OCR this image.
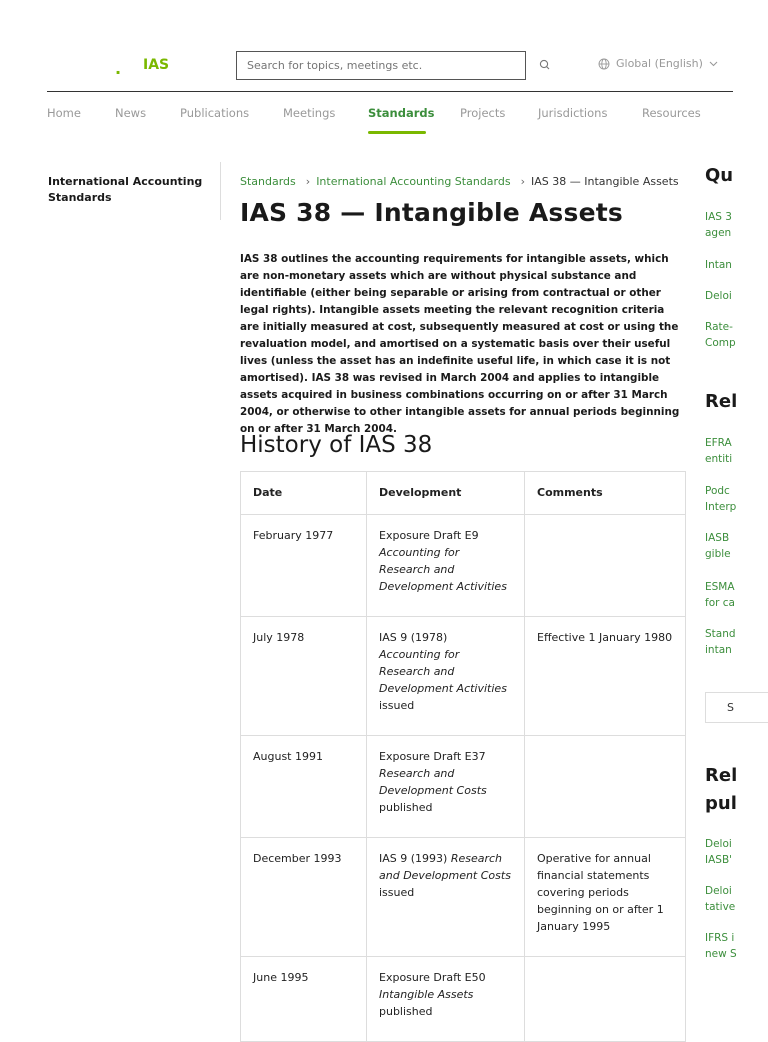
. IAS
Search for topics, meetings etc.	Global (English)
Home	News	Publications	Meetings	Standards Projects	Jurisdictions	Resources
International Accounting Standards
Standards › International Accounting Standards › IAS 38 — Intangible Assets
IAS 38 — Intangible Assets

IAS 38 outlines the accounting requirements for intangible assets, which are non-monetary assets which are without physical substance and identifiable (either being separable or arising from contractual or other legal rights). Intangible assets meeting the relevant recognition criteria are initially measured at cost, subsequently measured at cost or using the revaluation model, and amortised on a systematic basis over their useful lives (unless the asset has an indefinite useful life, in which case it is not amortised). IAS 38 was revised in March 2004 and applies to intangible assets acquired in business combinations occurring on or after 31 March 2004, or otherwise to other intangible assets for annual periods beginning on or after 31 March 2004.

History of IAS 38
Date	Development	Comments
February 1977	Exposure Draft E9 Accounting for Research and Development Activities	
July 1978	IAS 9 (1978) Accounting for Research and Development Activities issued	Effective 1 January 1980
August 1991	Exposure Draft E37 Research and Development Costs published	
December 1993	IAS 9 (1993) Research and Development Costs issued	Operative for annual financial statements covering periods beginning on or after 1 January 1995
June 1995	Exposure Draft E50 Intangible Assets published	
Qu
IAS 3
agen
Intan
Deloi
Rate-
Comp
Rel
EFRA
entiti
Podc
Interp
IASB
gible
ESMA
for ca
Stand
intan
S
Rel
pul
Deloi
IASB'
Deloi
tative
IFRS i
new S
